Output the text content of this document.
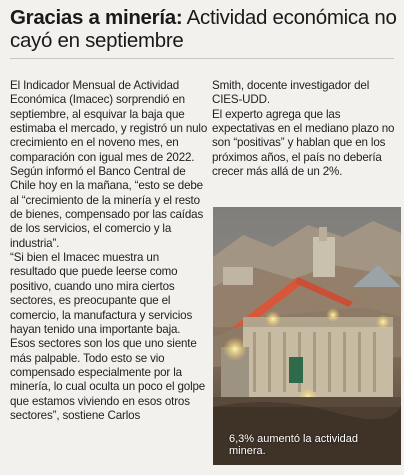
Gracias a minería: Actividad económica no cayó en septiembre

El Indicador Mensual de Actividad Económica (Imacec) sorprendió en septiembre, al esquivar la baja que estimaba el mercado, y registró un nulo crecimiento en el noveno mes, en comparación con igual mes de 2022. Según informó el Banco Central de Chile hoy en la mañana, “esto se debe al “crecimiento de la minería y el resto de bienes, compensado por las caídas de los servicios, el comercio y la industria”.

“Si bien el Imacec muestra un resultado que puede leerse como positivo, cuando uno mira ciertos sectores, es preocupante que el comercio, la manufactura y servicios hayan tenido una importante baja. Esos sectores son los que uno siente más palpable. Todo esto se vio compensado especialmente por la minería, lo cual oculta un poco el golpe que estamos viviendo en esos otros sectores”, sostiene Carlos

Smith, docente investigador del CIES-UDD.

El experto agrega que las expectativas en el mediano plazo no son “positivas” y hablan que en los próximos años, el país no debería crecer más allá de un 2%.

6,3% aumentó la actividad minera.
